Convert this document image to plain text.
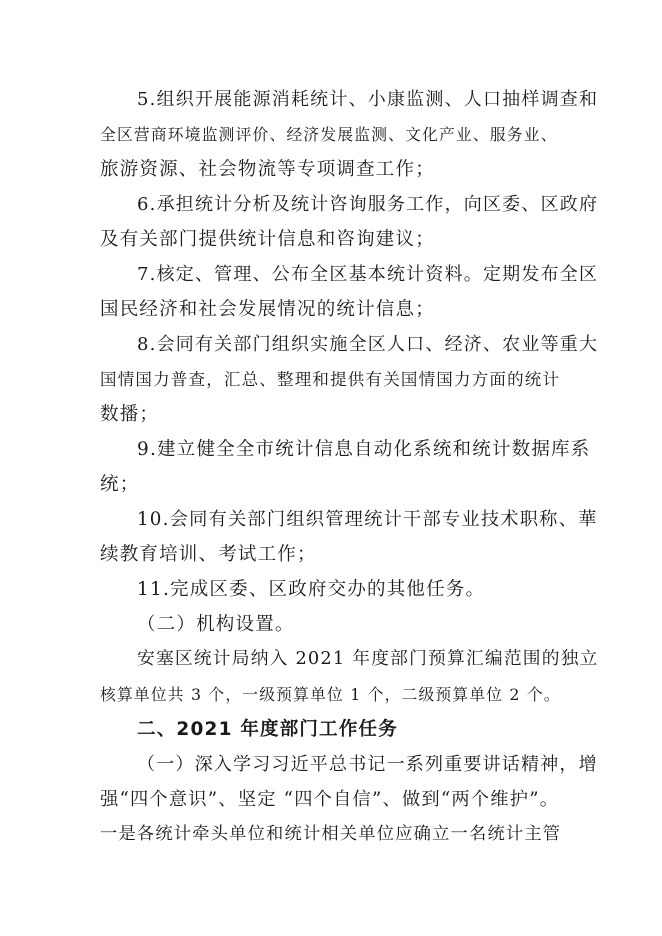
5.组织开展能源消耗统计、小康监测、人口抽样调查和

全区营商环境监测评价、经济发展监测、文化产业、服务业、

旅游资源、社会物流等专项调查工作；

6.承担统计分析及统计咨询服务工作，向区委、区政府

及有关部门提供统计信息和咨询建议；

7.核定、管理、公布全区基本统计资料。定期发布全区

国民经济和社会发展情况的统计信息；

8.会同有关部门组织实施全区人口、经济、农业等重大

国情国力普查，汇总、整理和提供有关国情国力方面的统计

数播；

9.建立健全全市统计信息自动化系统和统计数据库系

统；

10.会同有关部门组织管理统计干部专业技术职称、華

续教育培训、考试工作；

11.完成区委、区政府交办的其他任务。

（二）机构设置。

安塞区统计局纳入 2021 年度部门预算汇编范围的独立

核算单位共 3 个，一级预算单位 1 个，二级预算单位 2 个。

二、2021 年度部门工作任务

（一）深入学习习近平总书记一系列重要讲话精神，增

强“四个意识”、坚定 “四个自信”、做到“两个维护”。

一是各统计牵头单位和统计相关单位应确立一名统计主管
